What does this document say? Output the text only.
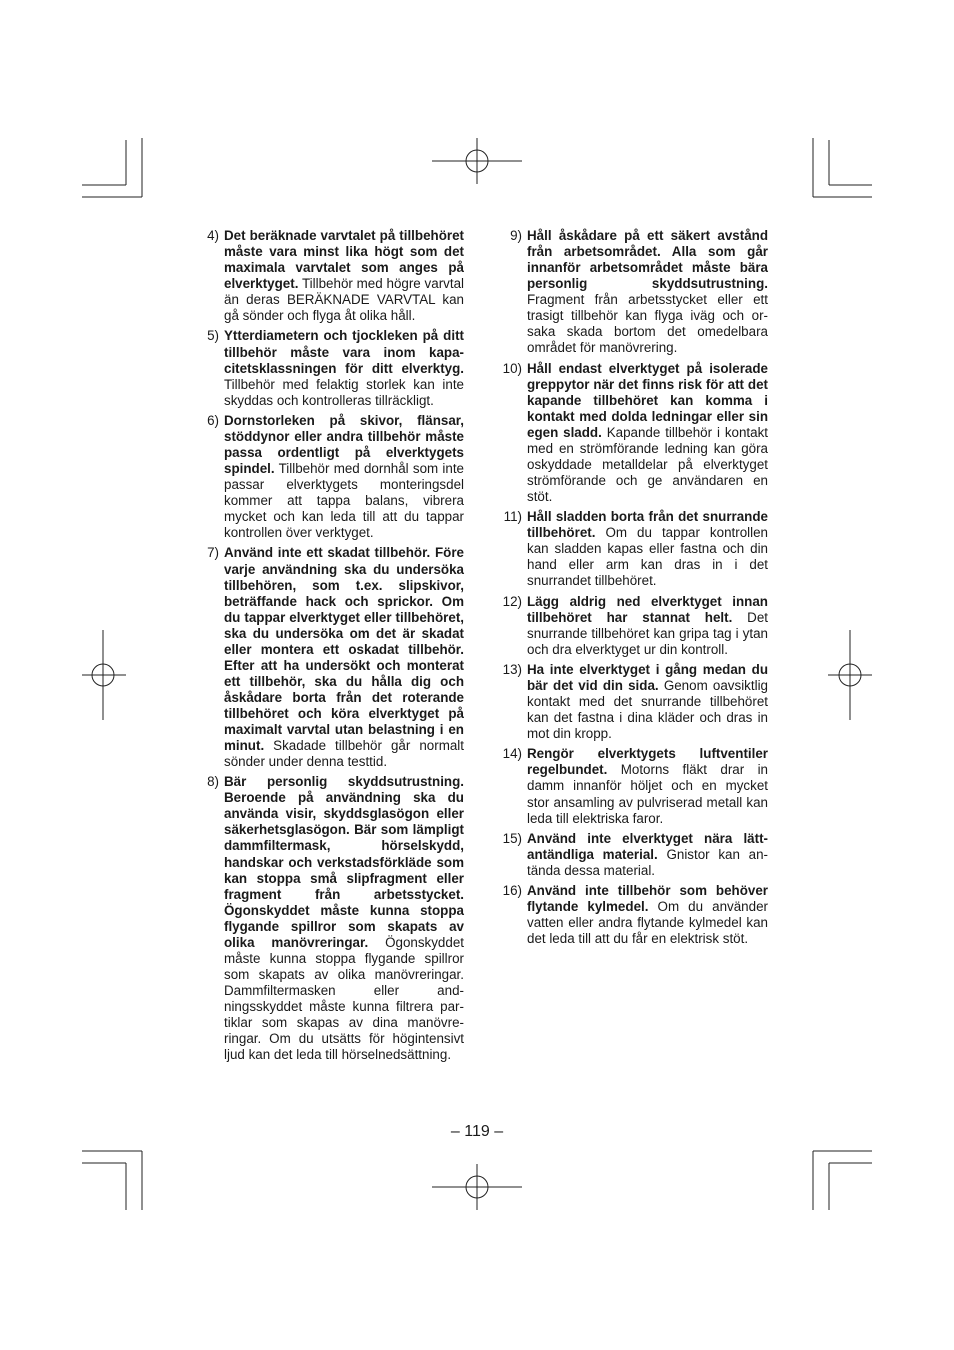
4) Det beräknade varvtalet på tillbehöret måste vara minst lika högt som det maximala varvtalet som anges på elverktyget. Tillbehör med högre varvtal än deras BERÄKNADE VARVTAL kan gå sönder och flyga åt olika håll.
5) Ytterdiametern och tjockleken på ditt tillbehör måste vara inom kapacitetsklassningen för ditt elverktyg. Tillbehör med felaktig storlek kan inte skyddas och kontrolleras tillräckligt.
6) Dornstorleken på skivor, flänsar, stöddynor eller andra tillbehör måste passa ordentligt på elverktygets spindel. Tillbehör med dornhål som inte passar elverktygets monteringsdel kommer att tappa balans, vibrera mycket och kan leda till att du tappar kontrollen över verktyget.
7) Använd inte ett skadat tillbehör. Före varje användning ska du undersöka tillbehören, som t.ex. slipskivor, beträffande hack och sprickor. Om du tappar elverktyget eller tillbehöret, ska du undersöka om det är skadat eller montera ett oskadat tillbehör. Efter att ha undersökt och monterat ett tillbehör, ska du hålla dig och åskådare borta från det roterande tillbehöret och köra elverktyget på maximalt varvtal utan belastning i en minut. Skadade tillbehör går normalt sönder under denna testtid.
8) Bär personlig skyddsutrustning. Beroende på användning ska du använda visir, skyddsglasögon eller säkerhetsglasögon. Bär som lämpligt dammfiltermask, hörselskydd, handskar och verkstadsförkläde som kan stoppa små slipfragment eller fragment från arbetsstycket. Ögonskyddet måste kunna stoppa flygande spillror som skapats av olika manövreringar. Ögonskyddet måste kunna stoppa flygande spillror som skapats av olika manövreringar. Dammfiltermasken eller andningsskyddet måste kunna filtrera partiklar som skapas av dina manövreringar. Om du utsätts för högintensivt ljud kan det leda till hörselnedsättning.
9) Håll åskådare på ett säkert avstånd från arbetsområdet. Alla som går innanför arbetsområdet måste bära personlig skyddsutrustning. Fragment från arbetsstycket eller ett trasigt tillbehör kan flyga iväg och orsaka skada bortom det omedelbara området för manövrering.
10) Håll endast elverktyget på isolerade greppytor när det finns risk för att det kapande tillbehöret kan komma i kontakt med dolda ledningar eller sin egen sladd. Kapande tillbehör i kontakt med en strömförande ledning kan göra oskyddade metalldelar på elverktyget strömförande och ge användaren en stöt.
11) Håll sladden borta från det snurrande tillbehöret. Om du tappar kontrollen kan sladden kapas eller fastna och din hand eller arm kan dras in i det snurrandet tillbehöret.
12) Lägg aldrig ned elverktyget innan tillbehöret har stannat helt. Det snurrande tillbehöret kan gripa tag i ytan och dra elverktyget ur din kontroll.
13) Ha inte elverktyget i gång medan du bär det vid din sida. Genom oavsiktlig kontakt med det snurrande tillbehöret kan det fastna i dina kläder och dras in mot din kropp.
14) Rengör elverktygets luftventiler regelbundet. Motorns fläkt drar in damm innanför höljet och en mycket stor ansamling av pulvriserad metall kan leda till elektriska faror.
15) Använd inte elverktyget nära lättantändliga material. Gnistor kan antända dessa material.
16) Använd inte tillbehör som behöver flytande kylmedel. Om du använder vatten eller andra flytande kylmedel kan det leda till att du får en elektrisk stöt.
– 119 –
